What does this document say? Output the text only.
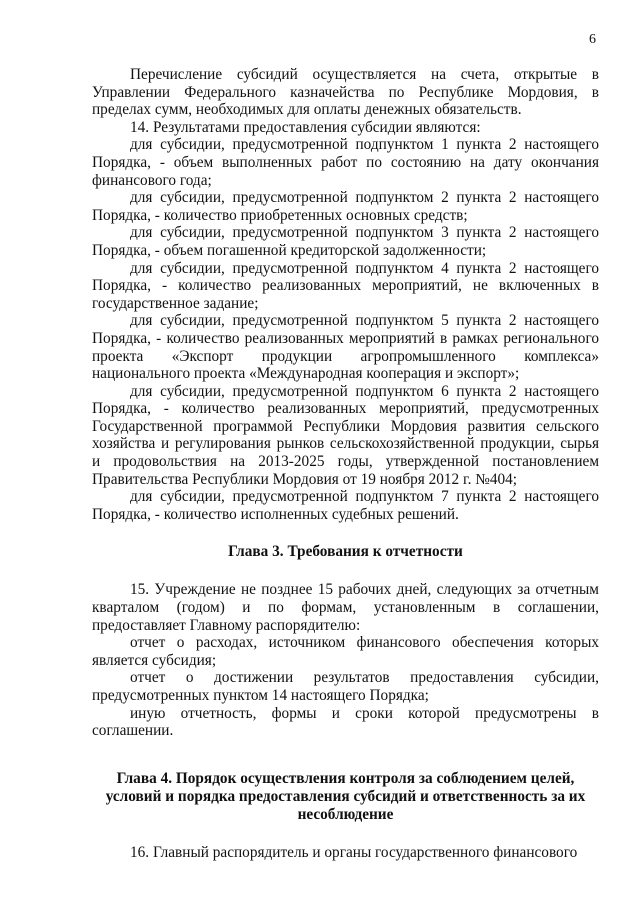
6

Перечисление субсидий осуществляется на счета, открытые в Управлении Федерального казначейства по Республике Мордовия, в пределах сумм, необходимых для оплаты денежных обязательств.

14. Результатами предоставления субсидии являются:

для субсидии, предусмотренной подпунктом 1 пункта 2 настоящего Порядка, - объем выполненных работ по состоянию на дату окончания финансового года;

для субсидии, предусмотренной подпунктом 2 пункта 2 настоящего Порядка, - количество приобретенных основных средств;

для субсидии, предусмотренной подпунктом 3 пункта 2 настоящего Порядка, - объем погашенной кредиторской задолженности;

для субсидии, предусмотренной подпунктом 4 пункта 2 настоящего Порядка, - количество реализованных мероприятий, не включенных в государственное задание;

для субсидии, предусмотренной подпунктом 5 пункта 2 настоящего Порядка, - количество реализованных мероприятий в рамках регионального проекта «Экспорт продукции агропромышленного комплекса» национального проекта «Международная кооперация и экспорт»;

для субсидии, предусмотренной подпунктом 6 пункта 2 настоящего Порядка, - количество реализованных мероприятий, предусмотренных Государственной программой Республики Мордовия развития сельского хозяйства и регулирования рынков сельскохозяйственной продукции, сырья и продовольствия на 2013-2025 годы, утвержденной постановлением Правительства Республики Мордовия от 19 ноября 2012 г. №404;

для субсидии, предусмотренной подпунктом 7 пункта 2 настоящего Порядка, - количество исполненных судебных решений.

Глава 3. Требования к отчетности

15. Учреждение не позднее 15 рабочих дней, следующих за отчетным кварталом (годом) и по формам, установленным в соглашении, предоставляет Главному распорядителю:

отчет о расходах, источником финансового обеспечения которых является субсидия;

отчет о достижении результатов предоставления субсидии, предусмотренных пунктом 14 настоящего Порядка;

иную отчетность, формы и сроки которой предусмотрены в соглашении.

Глава 4. Порядок осуществления контроля за соблюдением целей, условий и порядка предоставления субсидий и ответственность за их несоблюдение

16. Главный распорядитель и органы государственного финансового
